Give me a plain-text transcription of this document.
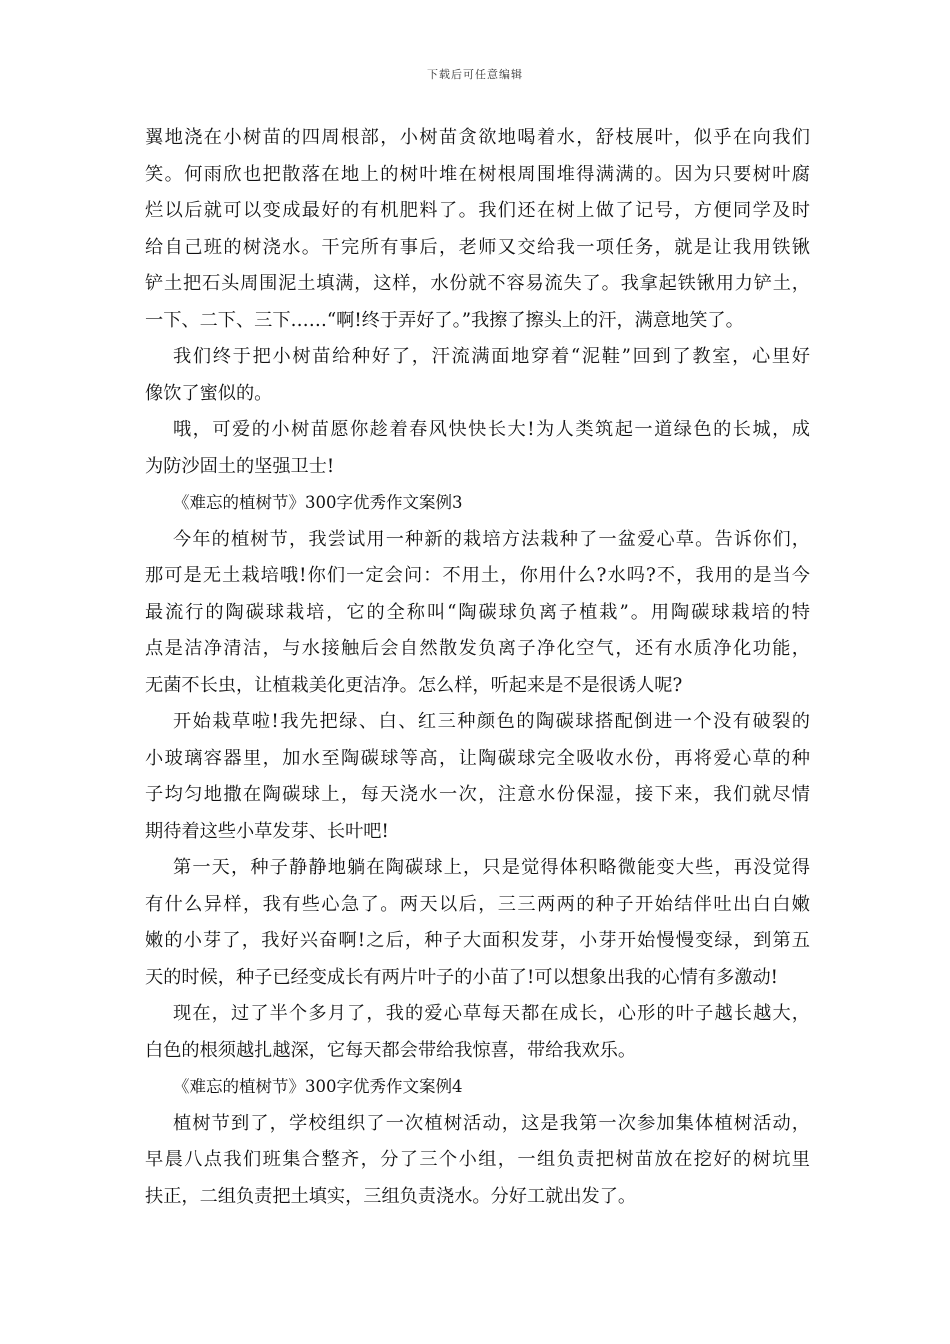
下载后可任意编辑
翼地浇在小树苗的四周根部，小树苗贪欲地喝着水，舒枝展叶，似乎在向我们
笑。何雨欣也把散落在地上的树叶堆在树根周围堆得满满的。因为只要树叶腐
烂以后就可以变成最好的有机肥料了。我们还在树上做了记号，方便同学及时
给自己班的树浇水。干完所有事后，老师又交给我一项任务，就是让我用铁锹
铲土把石头周围泥土填满，这样，水份就不容易流失了。我拿起铁锹用力铲土，
一下、二下、三下……“啊!终于弄好了。”我擦了擦头上的汗，满意地笑了。
我们终于把小树苗给种好了，汗流满面地穿着“泥鞋”回到了教室，心里好
像饮了蜜似的。
哦，可爱的小树苗愿你趁着春风快快长大!为人类筑起一道绿色的长城，成
为防沙固土的坚强卫士!
《难忘的植树节》300字优秀作文案例3
今年的植树节，我尝试用一种新的栽培方法栽种了一盆爱心草。告诉你们，
那可是无土栽培哦!你们一定会问：不用土，你用什么?水吗?不，我用的是当今
最流行的陶碳球栽培，它的全称叫“陶碳球负离子植栽”。用陶碳球栽培的特
点是洁净清洁，与水接触后会自然散发负离子净化空气，还有水质净化功能，
无菌不长虫，让植栽美化更洁净。怎么样，听起来是不是很诱人呢?
开始栽草啦!我先把绿、白、红三种颜色的陶碳球搭配倒进一个没有破裂的
小玻璃容器里，加水至陶碳球等高，让陶碳球完全吸收水份，再将爱心草的种
子均匀地撒在陶碳球上，每天浇水一次，注意水份保湿，接下来，我们就尽情
期待着这些小草发芽、长叶吧!
第一天，种子静静地躺在陶碳球上，只是觉得体积略微能变大些，再没觉得
有什么异样，我有些心急了。两天以后，三三两两的种子开始结伴吐出白白嫩
嫩的小芽了，我好兴奋啊!之后，种子大面积发芽，小芽开始慢慢变绿，到第五
天的时候，种子已经变成长有两片叶子的小苗了!可以想象出我的心情有多激动!
现在，过了半个多月了，我的爱心草每天都在成长，心形的叶子越长越大，
白色的根须越扎越深，它每天都会带给我惊喜，带给我欢乐。
《难忘的植树节》300字优秀作文案例4
植树节到了，学校组织了一次植树活动，这是我第一次参加集体植树活动，
早晨八点我们班集合整齐，分了三个小组，一组负责把树苗放在挖好的树坑里
扶正，二组负责把土填实，三组负责浇水。分好工就出发了。
